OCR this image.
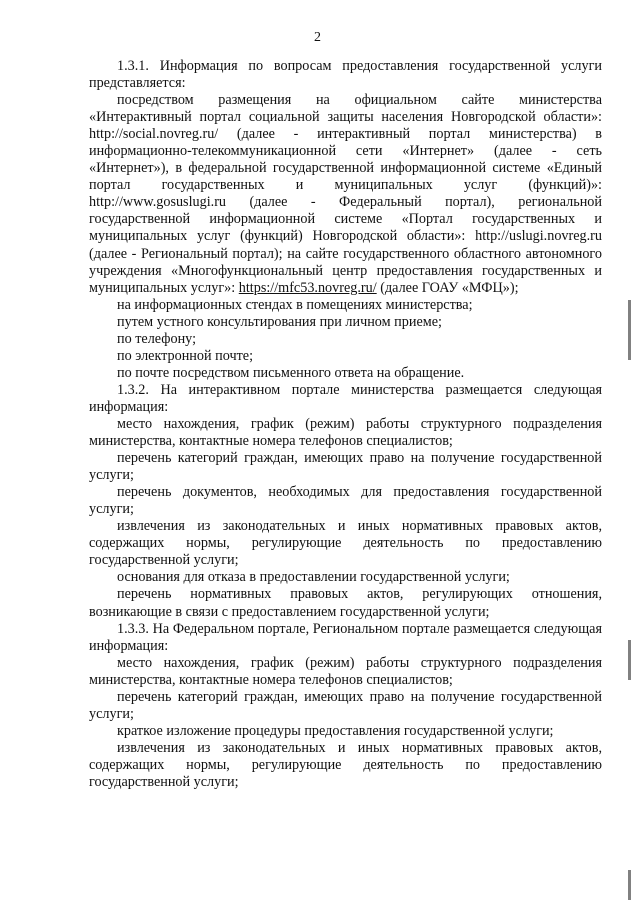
2
1.3.1. Информация по вопросам предоставления государственной услуги представляется:
посредством размещения на официальном сайте министерства «Интерактивный портал социальной защиты населения Новгородской области»: http://social.novreg.ru/ (далее - интерактивный портал министерства) в информационно-телекоммуникационной сети «Интернет» (далее - сеть «Интернет»), в федеральной государственной информационной системе «Единый портал государственных и муниципальных услуг (функций)»: http://www.gosuslugi.ru (далее - Федеральный портал), региональной государственной информационной системе «Портал государственных и муниципальных услуг (функций) Новгородской области»: http://uslugi.novreg.ru (далее - Региональный портал); на сайте государственного областного автономного учреждения «Многофункциональный центр предоставления государственных и муниципальных услуг»: https://mfc53.novreg.ru/ (далее ГОАУ «МФЦ»);
на информационных стендах в помещениях министерства;
путем устного консультирования при личном приеме;
по телефону;
по электронной почте;
по почте посредством письменного ответа на обращение.
1.3.2. На интерактивном портале министерства размещается следующая информация:
место нахождения, график (режим) работы структурного подразделения министерства, контактные номера телефонов специалистов;
перечень категорий граждан, имеющих право на получение государственной услуги;
перечень документов, необходимых для предоставления государственной услуги;
извлечения из законодательных и иных нормативных правовых актов, содержащих нормы, регулирующие деятельность по предоставлению государственной услуги;
основания для отказа в предоставлении государственной услуги;
перечень нормативных правовых актов, регулирующих отношения, возникающие в связи с предоставлением государственной услуги;
1.3.3. На Федеральном портале, Региональном портале размещается следующая информация:
место нахождения, график (режим) работы структурного подразделения министерства, контактные номера телефонов специалистов;
перечень категорий граждан, имеющих право на получение государственной услуги;
краткое изложение процедуры предоставления государственной услуги;
извлечения из законодательных и иных нормативных правовых актов, содержащих нормы, регулирующие деятельность по предоставлению государственной услуги;
